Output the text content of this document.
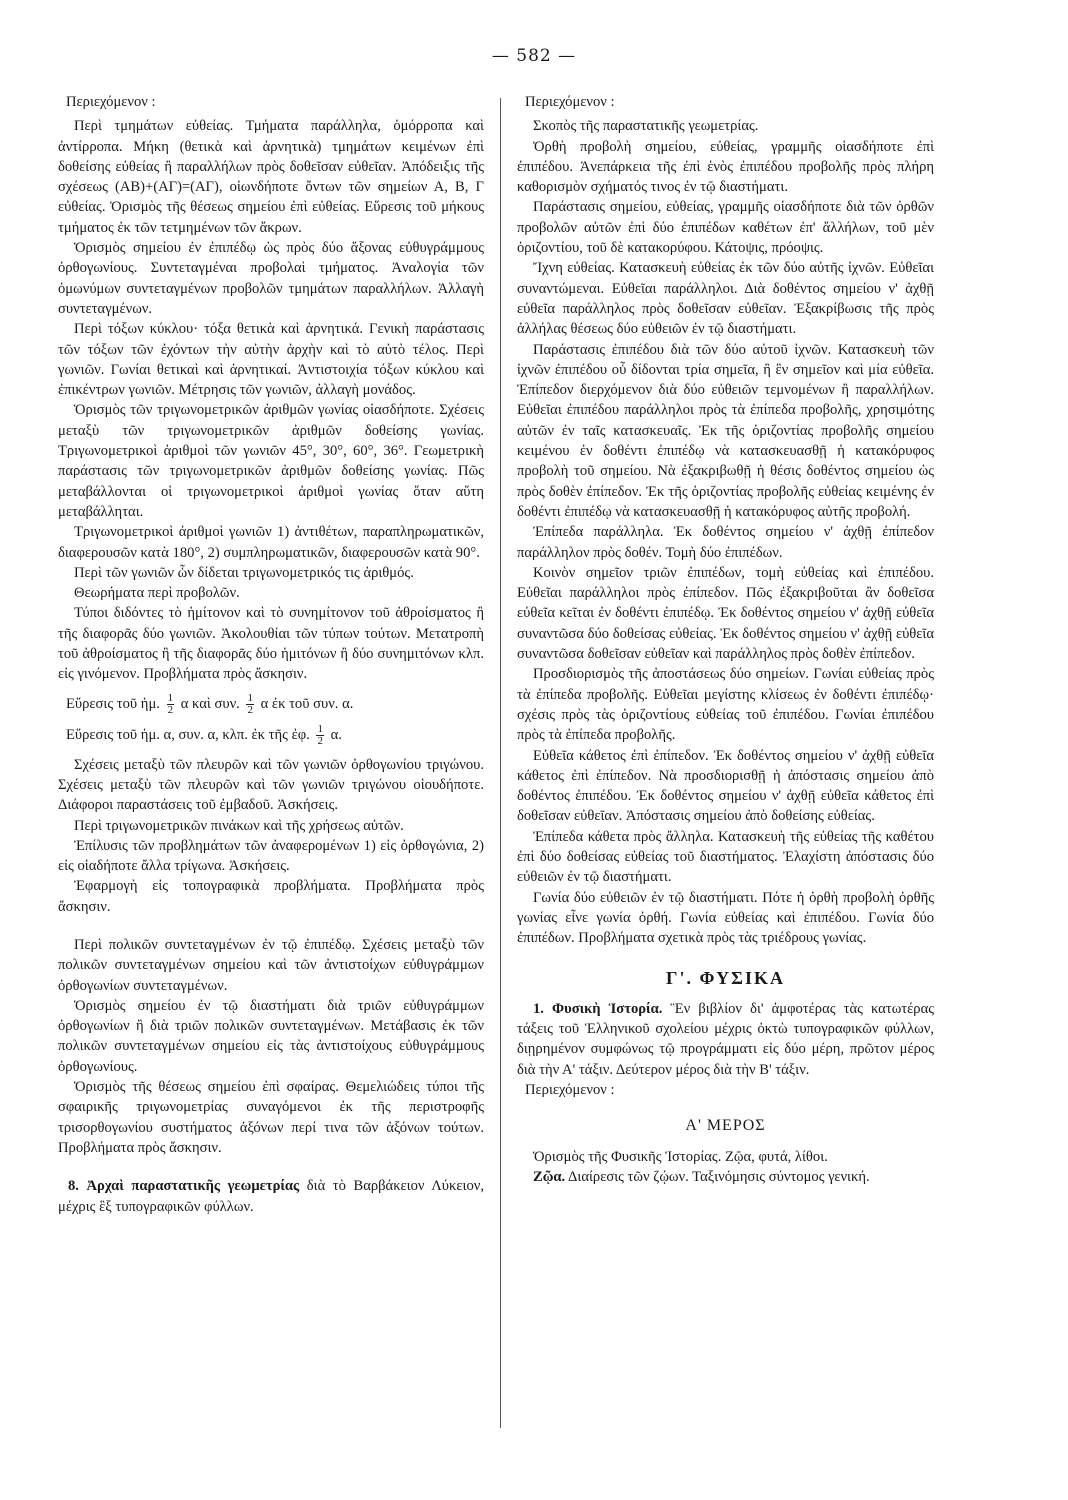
— 582 —

Περιεχόμενον :

Περὶ τμημάτων εὐθείας. Τμήματα παράλληλα, ὁμόρροπα καὶ ἀντίρροπα. Μήκη (θετικὰ καὶ ἀρνητικὰ) τμημάτων κειμένων ἐπὶ δοθείσης εὐθείας ἢ παραλλήλων πρὸς δοθεῖσαν εὐθεῖαν. Ἀπόδειξις τῆς σχέσεως (ΑΒ)+(ΑΓ)=(ΑΓ), οἱωνδήποτε ὄντων τῶν σημείων Α, Β, Γ εὐθείας. Ὁρισμὸς τῆς θέσεως σημείου ἐπὶ εὐθείας. Εὕρεσις τοῦ μήκους τμήματος ἐκ τῶν τετμημένων τῶν ἄκρων.

Ὁρισμὸς σημείου ἐν ἐπιπέδῳ ὡς πρὸς δύο ἄξονας εὐθυγράμμους ὀρθογωνίους. Συντεταγμέναι προβολαὶ τμήματος. Ἀναλογία τῶν ὁμωνύμων συντεταγμένων προβολῶν τμημάτων παραλλήλων. Ἀλλαγὴ συντεταγμένων.

Περὶ τόξων κύκλου· τόξα θετικὰ καὶ ἀρνητικά. Γενικὴ παράστασις τῶν τόξων τῶν ἐχόντων τὴν αὐτὴν ἀρχὴν καὶ τὸ αὐτὸ τέλος. Περὶ γωνιῶν. Γωνίαι θετικαὶ καὶ ἀρνητικαί. Ἀντιστοιχία τόξων κύκλου καὶ ἐπικέντρων γωνιῶν. Μέτρησις τῶν γωνιῶν, ἀλλαγὴ μονάδος.

Ὁρισμὸς τῶν τριγωνομετρικῶν ἀριθμῶν γωνίας οἱασδήποτε. Σχέσεις μεταξὺ τῶν τριγωνομετρικῶν ἀριθμῶν δοθείσης γωνίας. Τριγωνομετρικοὶ ἀριθμοὶ τῶν γωνιῶν 45°, 30°, 60°, 36°. Γεωμετρικὴ παράστασις τῶν τριγωνομετρικῶν ἀριθμῶν δοθείσης γωνίας. Πῶς μεταβάλλονται οἱ τριγωνομετρικοὶ ἀριθμοὶ γωνίας ὅταν αὕτη μεταβάλληται.

Τριγωνομετρικοὶ ἀριθμοὶ γωνιῶν 1) ἀντιθέτων, παραπληρωματικῶν, διαφερουσῶν κατὰ 180°, 2) συμπληρωματικῶν, διαφερουσῶν κατὰ 90°.

Περὶ τῶν γωνιῶν ὧν δίδεται τριγωνομετρικός τις ἀριθμός.

Θεωρήματα περὶ προβολῶν.

Τύποι διδόντες τὸ ἡμίτονον καὶ τὸ συνημίτονον τοῦ ἀθροίσματος ἢ τῆς διαφορᾶς δύο γωνιῶν. Ἀκολουθίαι τῶν τύπων τούτων. Μετατροπὴ τοῦ ἀθροίσματος ἢ τῆς διαφορᾶς δύο ἡμιτόνων ἢ δύο συνημιτόνων κλπ. εἰς γινόμενον. Προβλήματα πρὸς ἄσκησιν.

Εὕρεσις τοῦ ἡμ. $\frac{1}{2}$ α καὶ συν. $\frac{1}{2}$ α ἐκ τοῦ συν. α.

Εὕρεσις τοῦ ἡμ. α, συν. α, κλπ. ἐκ τῆς ἐφ. $\frac{1}{2} \alpha$.

Σχέσεις μεταξὺ τῶν πλευρῶν καὶ τῶν γωνιῶν ὀρθογωνίου τριγώνου. Σχέσεις μεταξὺ τῶν πλευρῶν καὶ τῶν γωνιῶν τριγώνου οἱουδήποτε. Διάφοροι παραστάσεις τοῦ ἐμβαδοῦ. Ἀσκήσεις.

Περὶ τριγωνομετρικῶν πινάκων καὶ τῆς χρήσεως αὐτῶν.

Ἐπίλυσις τῶν προβλημάτων τῶν ἀναφερομένων 1) εἰς ὀρθογώνια, 2) εἰς οἱαδήποτε ἄλλα τρίγωνα. Ἀσκήσεις.

Ἐφαρμογὴ εἰς τοπογραφικὰ προβλήματα. Προβλήματα πρὸς ἄσκησιν.

Περὶ πολικῶν συντεταγμένων ἐν τῷ ἐπιπέδῳ. Σχέσεις μεταξὺ τῶν πολικῶν συντεταγμένων σημείου καὶ τῶν ἀντιστοίχων εὐθυγράμμων ὀρθογωνίων συντεταγμένων.

Ὁρισμὸς σημείου ἐν τῷ διαστήματι διὰ τριῶν εὐθυγράμμων ὀρθογωνίων ἢ διὰ τριῶν πολικῶν συντεταγμένων. Μετάβασις ἐκ τῶν πολικῶν συντεταγμένων σημείου εἰς τὰς ἀντιστοίχους εὐθυγράμμους ὀρθογωνίους.

Ὁρισμὸς τῆς θέσεως σημείου ἐπὶ σφαίρας. Θεμελιώδεις τύποι τῆς σφαιρικῆς τριγωνομετρίας συναγόμενοι ἐκ τῆς περιστροφῆς τρισορθογωνίου συστήματος ἀξόνων περί τινα τῶν ἀξόνων τούτων. Προβλήματα πρὸς ἄσκησιν.

8. Ἀρχαὶ παραστατικῆς γεωμετρίας διὰ τὸ Βαρβάκειον Λύκειον, μέχρις ἓξ τυπογραφικῶν φύλλων.

Περιεχόμενον :

Σκοπὸς τῆς παραστατικῆς γεωμετρίας.

Ὀρθὴ προβολὴ σημείου, εὐθείας, γραμμῆς οἱασδήποτε ἐπὶ ἐπιπέδου. Ἀνεπάρκεια τῆς ἐπὶ ἑνὸς ἐπιπέδου προβολῆς πρὸς πλήρη καθορισμὸν σχήματός τινος ἐν τῷ διαστήματι.

Παράστασις σημείου, εὐθείας, γραμμῆς οἱασδήποτε διὰ τῶν ὀρθῶν προβολῶν αὐτῶν ἐπὶ δύο ἐπιπέδων καθέτων ἐπ' ἄλλήλων, τοῦ μὲν ὁριζοντίου, τοῦ δὲ κατακορύφου. Κάτοψις, πρόοψις.

Ἴχνη εὐθείας. Κατασκευὴ εὐθείας ἐκ τῶν δύο αὐτῆς ἰχνῶν. Εὐθεῖαι συναντώμεναι. Εὐθεῖαι παράλληλοι. Διὰ δοθέντος σημείου ν' ἀχθῇ εὐθεῖα παράλληλος πρὸς δοθεῖσαν εὐθεῖαν. Ἐξακρίβωσις τῆς πρὸς ἀλλήλας θέσεως δύο εὐθειῶν ἐν τῷ διαστήματι.

Παράστασις ἐπιπέδου διὰ τῶν δύο αὐτοῦ ἰχνῶν. Κατασκευὴ τῶν ἰχνῶν ἐπιπέδου οὗ δίδονται τρία σημεῖα, ἢ ἓν σημεῖον καὶ μία εὐθεῖα. Ἐπίπεδον διερχόμενον διὰ δύο εὐθειῶν τεμνομένων ἢ παραλλήλων. Εὐθεῖαι ἐπιπέδου παράλληλοι πρὸς τὰ ἐπίπεδα προβολῆς, χρησιμότης αὐτῶν ἐν ταῖς κατασκευαῖς. Ἐκ τῆς ὁριζοντίας προβολῆς σημείου κειμένου ἐν δοθέντι ἐπιπέδῳ νὰ κατασκευασθῇ ἡ κατακόρυφος προβολὴ τοῦ σημείου. Νὰ ἐξακριβωθῇ ἡ θέσις δοθέντος σημείου ὡς πρὸς δοθὲν ἐπίπεδον. Ἐκ τῆς ὁριζοντίας προβολῆς εὐθείας κειμένης ἐν δοθέντι ἐπιπέδῳ νὰ κατασκευασθῇ ἡ κατακόρυφος αὐτῆς προβολή.

Ἐπίπεδα παράλληλα. Ἐκ δοθέντος σημείου ν' ἀχθῇ ἐπίπεδον παράλληλον πρὸς δοθέν. Τομὴ δύο ἐπιπέδων.

Κοινὸν σημεῖον τριῶν ἐπιπέδων, τομὴ εὐθείας καὶ ἐπιπέδου. Εὐθεῖαι παράλληλοι πρὸς ἐπίπεδον. Πῶς ἐξακριβοῦται ἂν δοθεῖσα εὐθεῖα κεῖται ἐν δοθέντι ἐπιπέδῳ. Ἐκ δοθέντος σημείου ν' ἀχθῇ εὐθεῖα συναντῶσα δύο δοθείσας εὐθείας. Ἐκ δοθέντος σημείου ν' ἀχθῇ εὐθεῖα συναντῶσα δοθεῖσαν εὐθεῖαν καὶ παράλληλος πρὸς δοθὲν ἐπίπεδον.

Προσδιορισμὸς τῆς ἀποστάσεως δύο σημείων. Γωνίαι εὐθείας πρὸς τὰ ἐπίπεδα προβολῆς. Εὐθεῖαι μεγίστης κλίσεως ἐν δοθέντι ἐπιπέδῳ· σχέσις πρὸς τὰς ὁριζοντίους εὐθείας τοῦ ἐπιπέδου. Γωνίαι ἐπιπέδου πρὸς τὰ ἐπίπεδα προβολῆς.

Εὐθεῖα κάθετος ἐπὶ ἐπίπεδον. Ἐκ δοθέντος σημείου ν' ἀχθῇ εὐθεῖα κάθετος ἐπὶ ἐπίπεδον. Νὰ προσδιορισθῇ ἡ ἀπόστασις σημείου ἀπὸ δοθέντος ἐπιπέδου. Ἐκ δοθέντος σημείου ν' ἀχθῇ εὐθεῖα κάθετος ἐπὶ δοθεῖσαν εὐθεῖαν. Ἀπόστασις σημείου ἀπὸ δοθείσης εὐθείας.

Ἐπίπεδα κάθετα πρὸς ἄλληλα. Κατασκευὴ τῆς εὐθείας τῆς καθέτου ἐπὶ δύο δοθείσας εὐθείας τοῦ διαστήματος. Ἐλαχίστη ἀπόστασις δύο εὐθειῶν ἐν τῷ διαστήματι.

Γωνία δύο εὐθειῶν ἐν τῷ διαστήματι. Πότε ἡ ὀρθὴ προβολὴ ὀρθῆς γωνίας εἶνε γωνία ὀρθή. Γωνία εὐθείας καὶ ἐπιπέδου. Γωνία δύο ἐπιπέδων. Προβλήματα σχετικὰ πρὸς τὰς τριέδρους γωνίας.

Γ'. ΦΥΣΙΚΑ

1. Φυσικὴ Ἱστορία. Ἓν βιβλίον δι' ἀμφοτέρας τὰς κατωτέρας τάξεις τοῦ Ἑλληνικοῦ σχολείου μέχρις ὀκτὼ τυπογραφικῶν φύλλων, διῃρημένον συμφώνως τῷ προγράμματι εἰς δύο μέρη, πρῶτον μέρος διὰ τὴν Α' τάξιν. Δεύτερον μέρος διὰ τὴν Β' τάξιν.

Περιεχόμενον :

Α' ΜΕΡΟΣ

Ὁρισμὸς τῆς Φυσικῆς Ἱστορίας. Ζῷα, φυτά, λίθοι.

Ζῷα. Διαίρεσις τῶν ζῴων. Ταξινόμησις σύντομος γενική.
